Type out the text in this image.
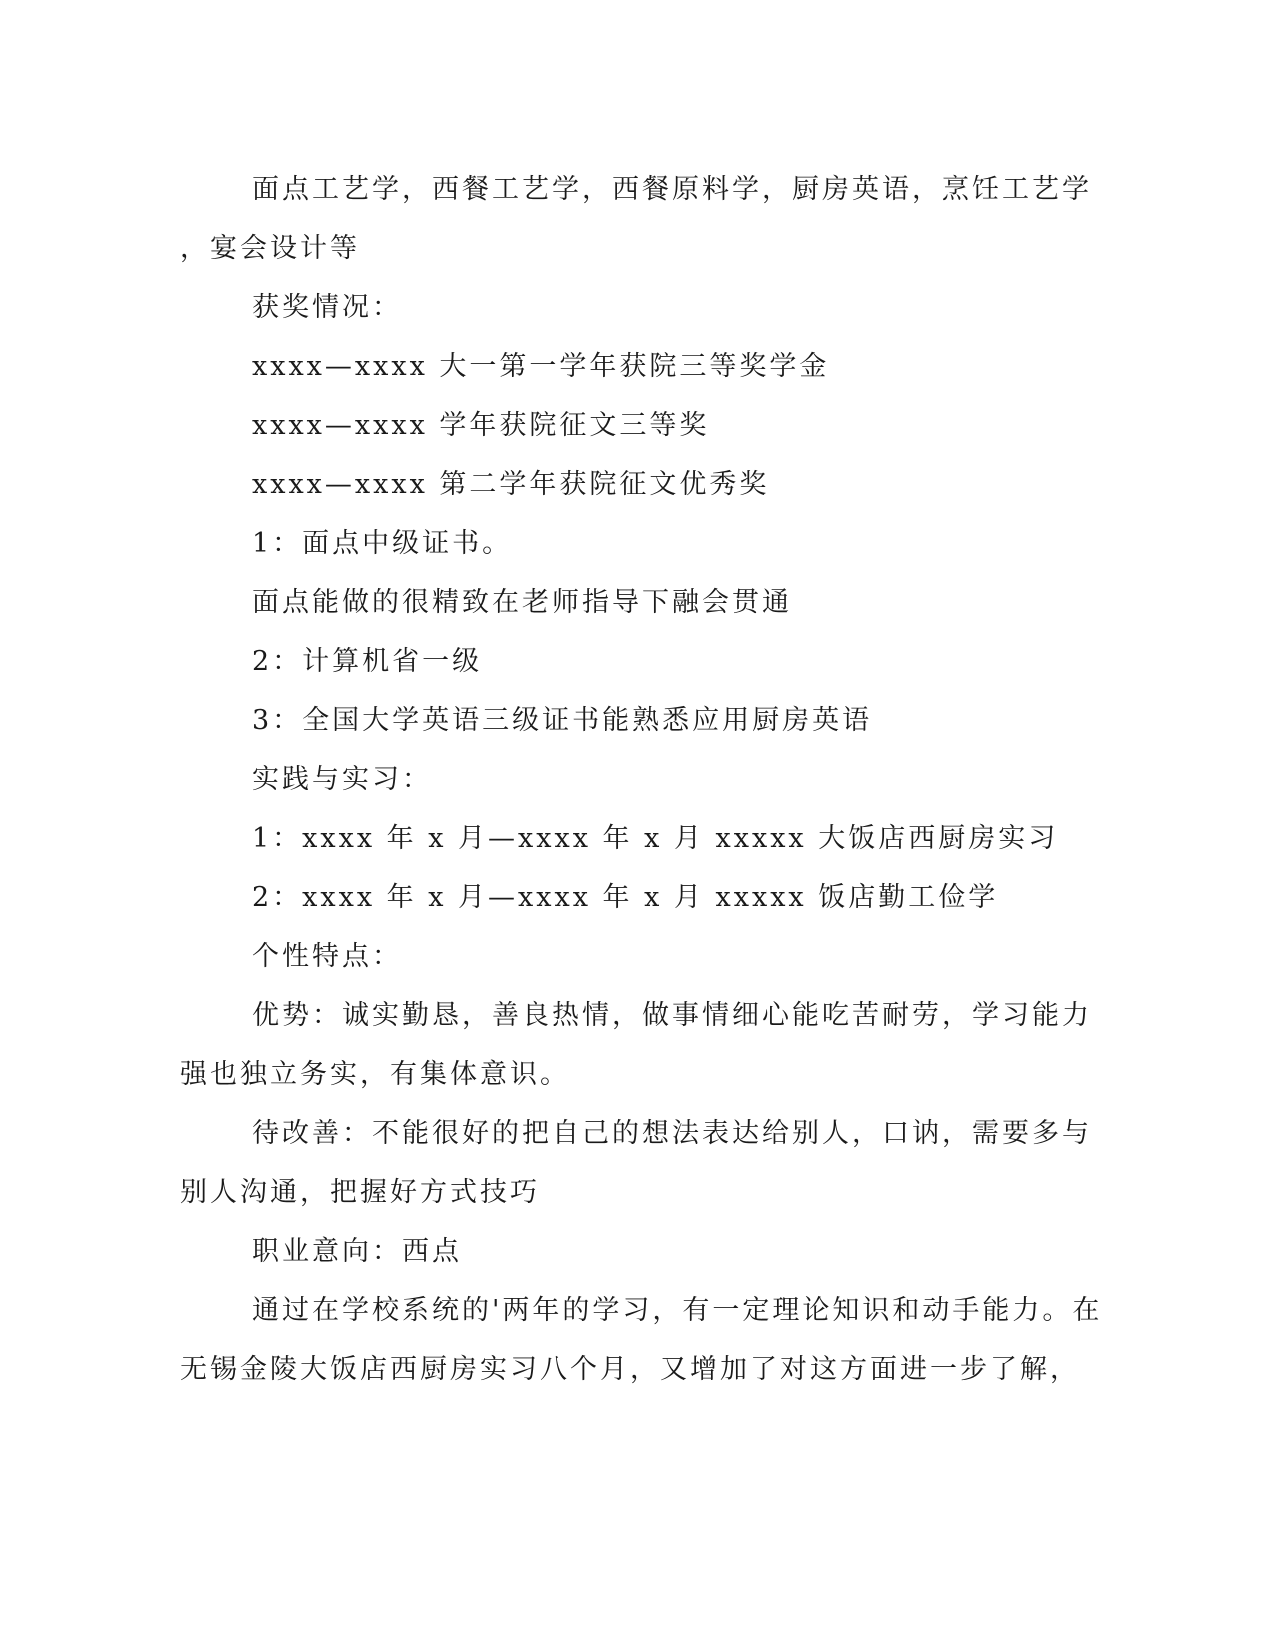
面点工艺学，西餐工艺学，西餐原料学，厨房英语，烹饪工艺学
，宴会设计等
获奖情况：
xxxx—xxxx 大一第一学年获院三等奖学金
xxxx—xxxx 学年获院征文三等奖
xxxx—xxxx 第二学年获院征文优秀奖
1：面点中级证书。
面点能做的很精致在老师指导下融会贯通
2：计算机省一级
3：全国大学英语三级证书能熟悉应用厨房英语
实践与实习：
1：xxxx 年 x 月—xxxx 年 x 月 xxxxx 大饭店西厨房实习
2：xxxx 年 x 月—xxxx 年 x 月 xxxxx 饭店勤工俭学
个性特点：
优势：诚实勤恳，善良热情，做事情细心能吃苦耐劳，学习能力
强也独立务实，有集体意识。
待改善：不能很好的把自己的想法表达给别人，口讷，需要多与
别人沟通，把握好方式技巧
职业意向：西点
通过在学校系统的'两年的学习，有一定理论知识和动手能力。在
无锡金陵大饭店西厨房实习八个月，又增加了对这方面进一步了解，
